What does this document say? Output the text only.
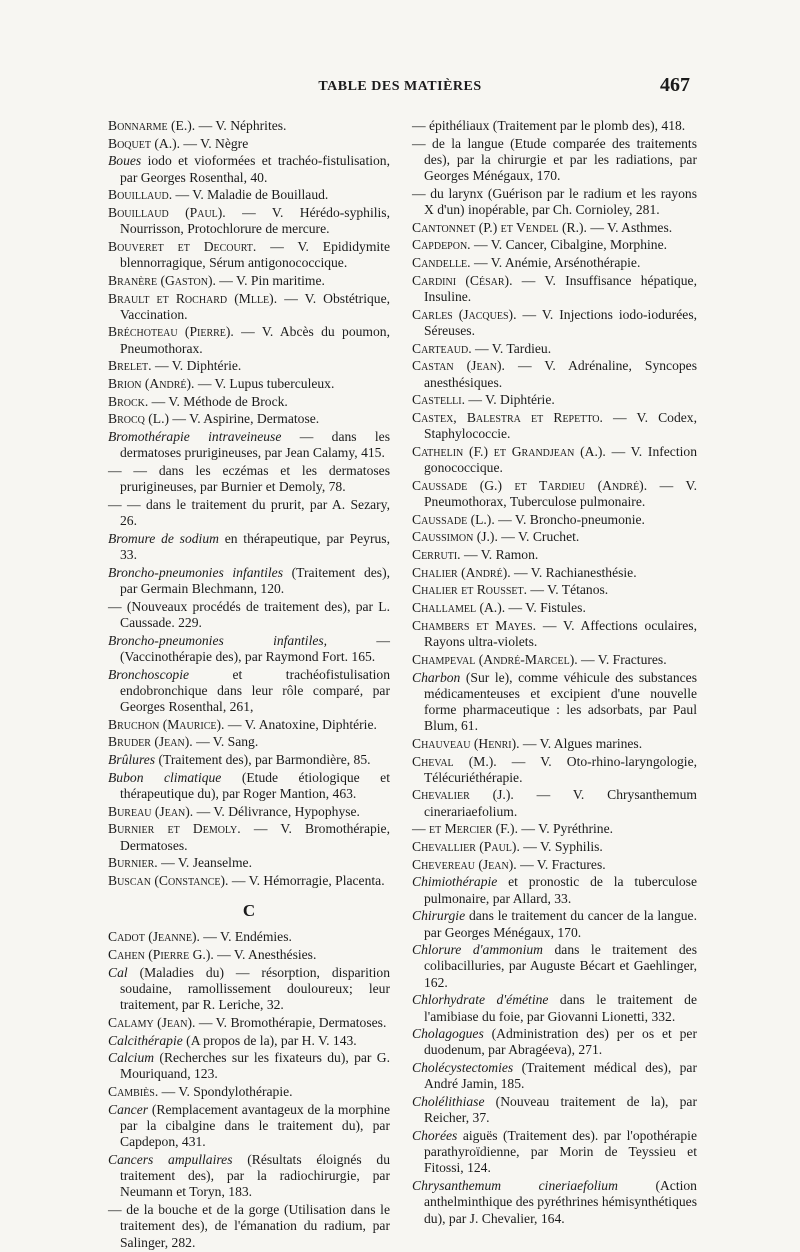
TABLE DES MATIÈRES	467

Bonnarme (E.). — V. Néphrites.

Boquet (A.). — V. Nègre

Boues iodo et vioformées et trachéo-fistulisation, par Georges Rosenthal, 40.

Bouillaud. — V. Maladie de Bouillaud.

Bouillaud (Paul). — V. Hérédo-syphilis, Nourrisson, Protochlorure de mercure.

Bouveret et Decourt. — V. Epididymite blennorragique, Sérum antigonococcique.

Branère (Gaston). — V. Pin maritime.

Brault et Rochard (Mlle). — V. Obstétrique, Vaccination.

Bréchoteau (Pierre). — V. Abcès du poumon, Pneumothorax.

Brelet. — V. Diphtérie.

Brion (André). — V. Lupus tuberculeux.

Brock. — V. Méthode de Brock.

Brocq (L.) — V. Aspirine, Dermatose.

Bromothérapie intraveineuse — dans les dermatoses prurigineuses, par Jean Calamy, 415.

— — dans les eczémas et les dermatoses prurigineuses, par Burnier et Demoly, 78.

— — dans le traitement du prurit, par A. Sezary, 26.

Bromure de sodium en thérapeutique, par Peyrus, 33.

Broncho-pneumonies infantiles (Traitement des), par Germain Blechmann, 120.

— (Nouveaux procédés de traitement des), par L. Caussade. 229.

Broncho-pneumonies infantiles,	— (Vaccinothérapie des), par Raymond Fort. 165.

Bronchoscopie	et trachéofistulisation endobronchique dans leur rôle comparé, par Georges Rosenthal, 261,

Bruchon (Maurice). — V. Anatoxine, Diphtérie.

Bruder (Jean). — V. Sang.

Brûlures (Traitement des), par Barmondière, 85.

Bubon climatique (Etude étiologique et thérapeutique du), par Roger Mantion, 463.

Bureau (Jean). — V. Délivrance, Hypophyse.

Burnier et Demoly. — V. Bromothérapie, Dermatoses.

Burnier. — V. Jeanselme.

Buscan (Constance). — V. Hémorragie, Placenta.

C

Cadot (Jeanne). — V. Endémies.

Cahen (Pierre G.). — V. Anesthésies.

Cal (Maladies du) — résorption, disparition soudaine, ramollissement douloureux; leur traitement, par R. Leriche, 32.

Calamy (Jean). — V. Bromothérapie, Dermatoses.

Calcithérapie (A propos de la), par H. V. 143.

Calcium (Recherches sur les fixateurs du), par G. Mouriquand, 123.

Cambiès. — V. Spondylothérapie.

Cancer (Remplacement avantageux de la morphine par la cibalgine dans le traitement du), par Capdepon, 431.

Cancers ampullaires (Résultats éloignés du traitement des), par la radiochirurgie, par Neumann et Toryn, 183.

— de la bouche et de la gorge (Utilisation dans le traitement des), de l'émanation du radium, par Salinger, 282.

— épithéliaux (Traitement par le plomb des), 418.

— de la langue (Etude comparée des traitements des), par la chirurgie et par les radiations, par Georges Ménégaux, 170.

— du larynx (Guérison par le radium et les rayons X d'un) inopérable, par Ch. Cornioley, 281.

Cantonnet (P.) et Vendel (R.). — V. Asthmes.

Capdepon. — V. Cancer, Cibalgine, Morphine.

Candelle. — V. Anémie, Arsénothérapie.

Cardini (César). — V. Insuffisance hépatique, Insuline.

Carles (Jacques). — V. Injections iodo-iodurées, Séreuses.

Carteaud. — V. Tardieu.

Castan (Jean). — V. Adrénaline, Syncopes anesthésiques.

Castelli. — V. Diphtérie.

Castex, Balestra et Repetto. — V. Codex, Staphylococcie.

Cathelin (F.) et Grandjean (A.). — V. Infection gonococcique.

Caussade (G.) et Tardieu (André). — V. Pneumothorax, Tuberculose pulmonaire.

Caussade (L.). — V. Broncho-pneumonie.

Caussimon (J.). — V. Cruchet.

Cerruti. — V. Ramon.

Chalier (André). — V. Rachianesthésie.

Chalier et Rousset. — V. Tétanos.

Challamel (A.). — V. Fistules.

Chambers et Mayes. — V. Affections oculaires, Rayons ultra-violets.

Champeval (André-Marcel). — V. Fractures.

Charbon (Sur le), comme véhicule des substances médicamenteuses et excipient d'une nouvelle forme pharmaceutique : les adsorbats, par Paul Blum, 61.

Chauveau (Henri). — V. Algues marines.

Cheval (M.). — V. Oto-rhino-laryngologie, Télécuriéthérapie.

Chevalier (J.). — V. Chrysanthemum cinerariaefolium.

— et Mercier (F.). — V. Pyréthrine.

Chevallier (Paul). — V. Syphilis.

Chevereau (Jean). — V. Fractures.

Chimiothérapie et pronostic de la tuberculose pulmonaire, par Allard, 33.

Chirurgie dans le traitement du cancer de la langue. par Georges Ménégaux, 170.

Chlorure d'ammonium dans le traitement des colibacilluries, par Auguste Bécart et Gaehlinger, 162.

Chlorhydrate d'émétine dans le traitement de l'amibiase du foie, par Giovanni Lionetti, 332.

Cholagogues (Administration des) per os et per duodenum, par Abragéeva), 271.

Cholécystectomies (Traitement médical des), par André Jamin, 185.

Cholélithiase (Nouveau traitement de la), par Reicher, 37.

Chorées aiguës (Traitement des). par l'opothérapie parathyroïdienne, par Morin de Teyssieu et Fitossi, 124.

Chrysanthemum cineriaefolium	(Action anthelminthique des pyréthrines hémisynthétiques du), par J. Chevalier, 164.
